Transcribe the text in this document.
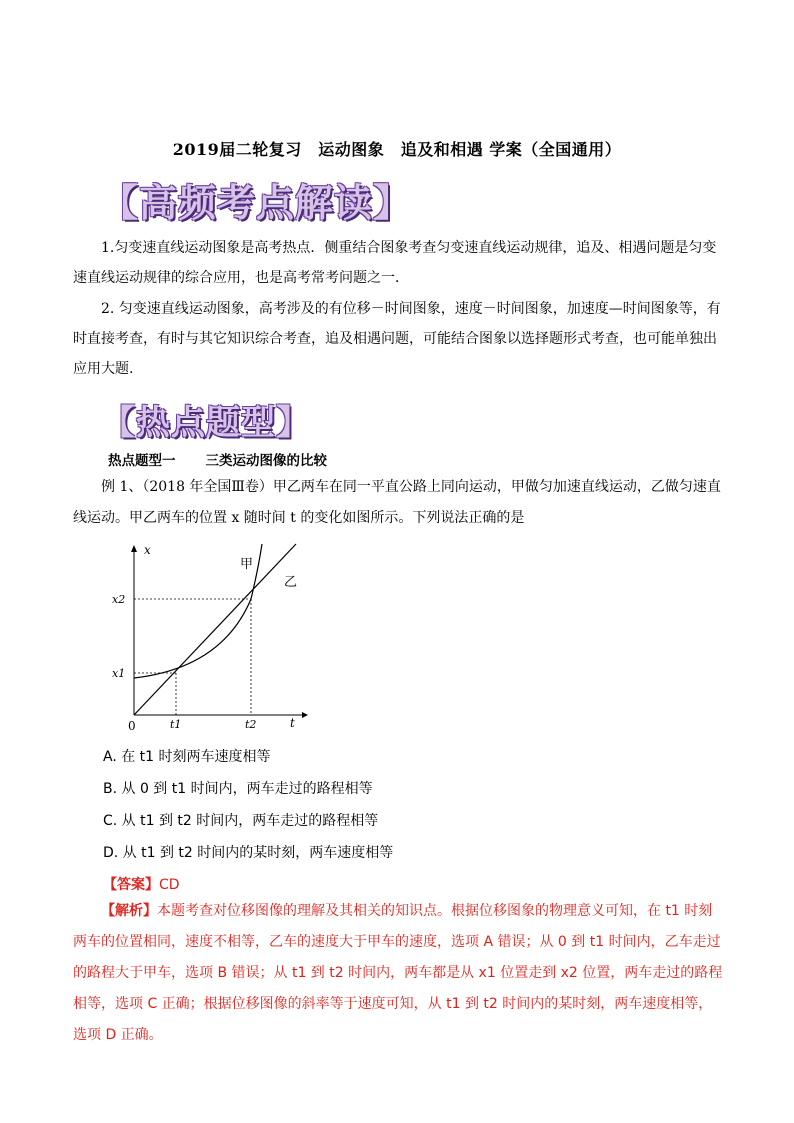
2019届二轮复习　运动图象　追及和相遇 学案（全国通用）
【高频考点解读】
1.匀变速直线运动图象是高考热点．侧重结合图象考查匀变速直线运动规律，追及、相遇问题是匀变速直线运动规律的综合应用，也是高考常考问题之一．
2. 匀变速直线运动图象，高考涉及的有位移－时间图象，速度－时间图象，加速度—时间图象等，有时直接考查，有时与其它知识综合考查，追及相遇问题，可能结合图象以选择题形式考查，也可能单独出应用大题.
【热点题型】
热点题型一 三类运动图像的比较
例 1、（2018 年全国Ⅲ卷）甲乙两车在同一平直公路上同向运动，甲做匀加速直线运动，乙做匀速直线运动。甲乙两车的位置 x 随时间 t 的变化如图所示。下列说法正确的是
x
t
0
x2
x1
t1	t2
甲
乙
A. 在 t1 时刻两车速度相等
B. 从 0 到 t1 时间内，两车走过的路程相等
C. 从 t1 到 t2 时间内，两车走过的路程相等
D. 从 t1 到 t2 时间内的某时刻，两车速度相等
【答案】CD
【解析】本题考查对位移图像的理解及其相关的知识点。根据位移图象的物理意义可知，在 t1 时刻两车的位置相同，速度不相等，乙车的速度大于甲车的速度，选项 A 错误；从 0 到 t1 时间内，乙车走过的路程大于甲车，选项 B 错误；从 t1 到 t2 时间内，两车都是从 x1 位置走到 x2 位置，两车走过的路程相等，选项 C 正确；根据位移图像的斜率等于速度可知，从 t1 到 t2 时间内的某时刻，两车速度相等，选项 D 正确。
